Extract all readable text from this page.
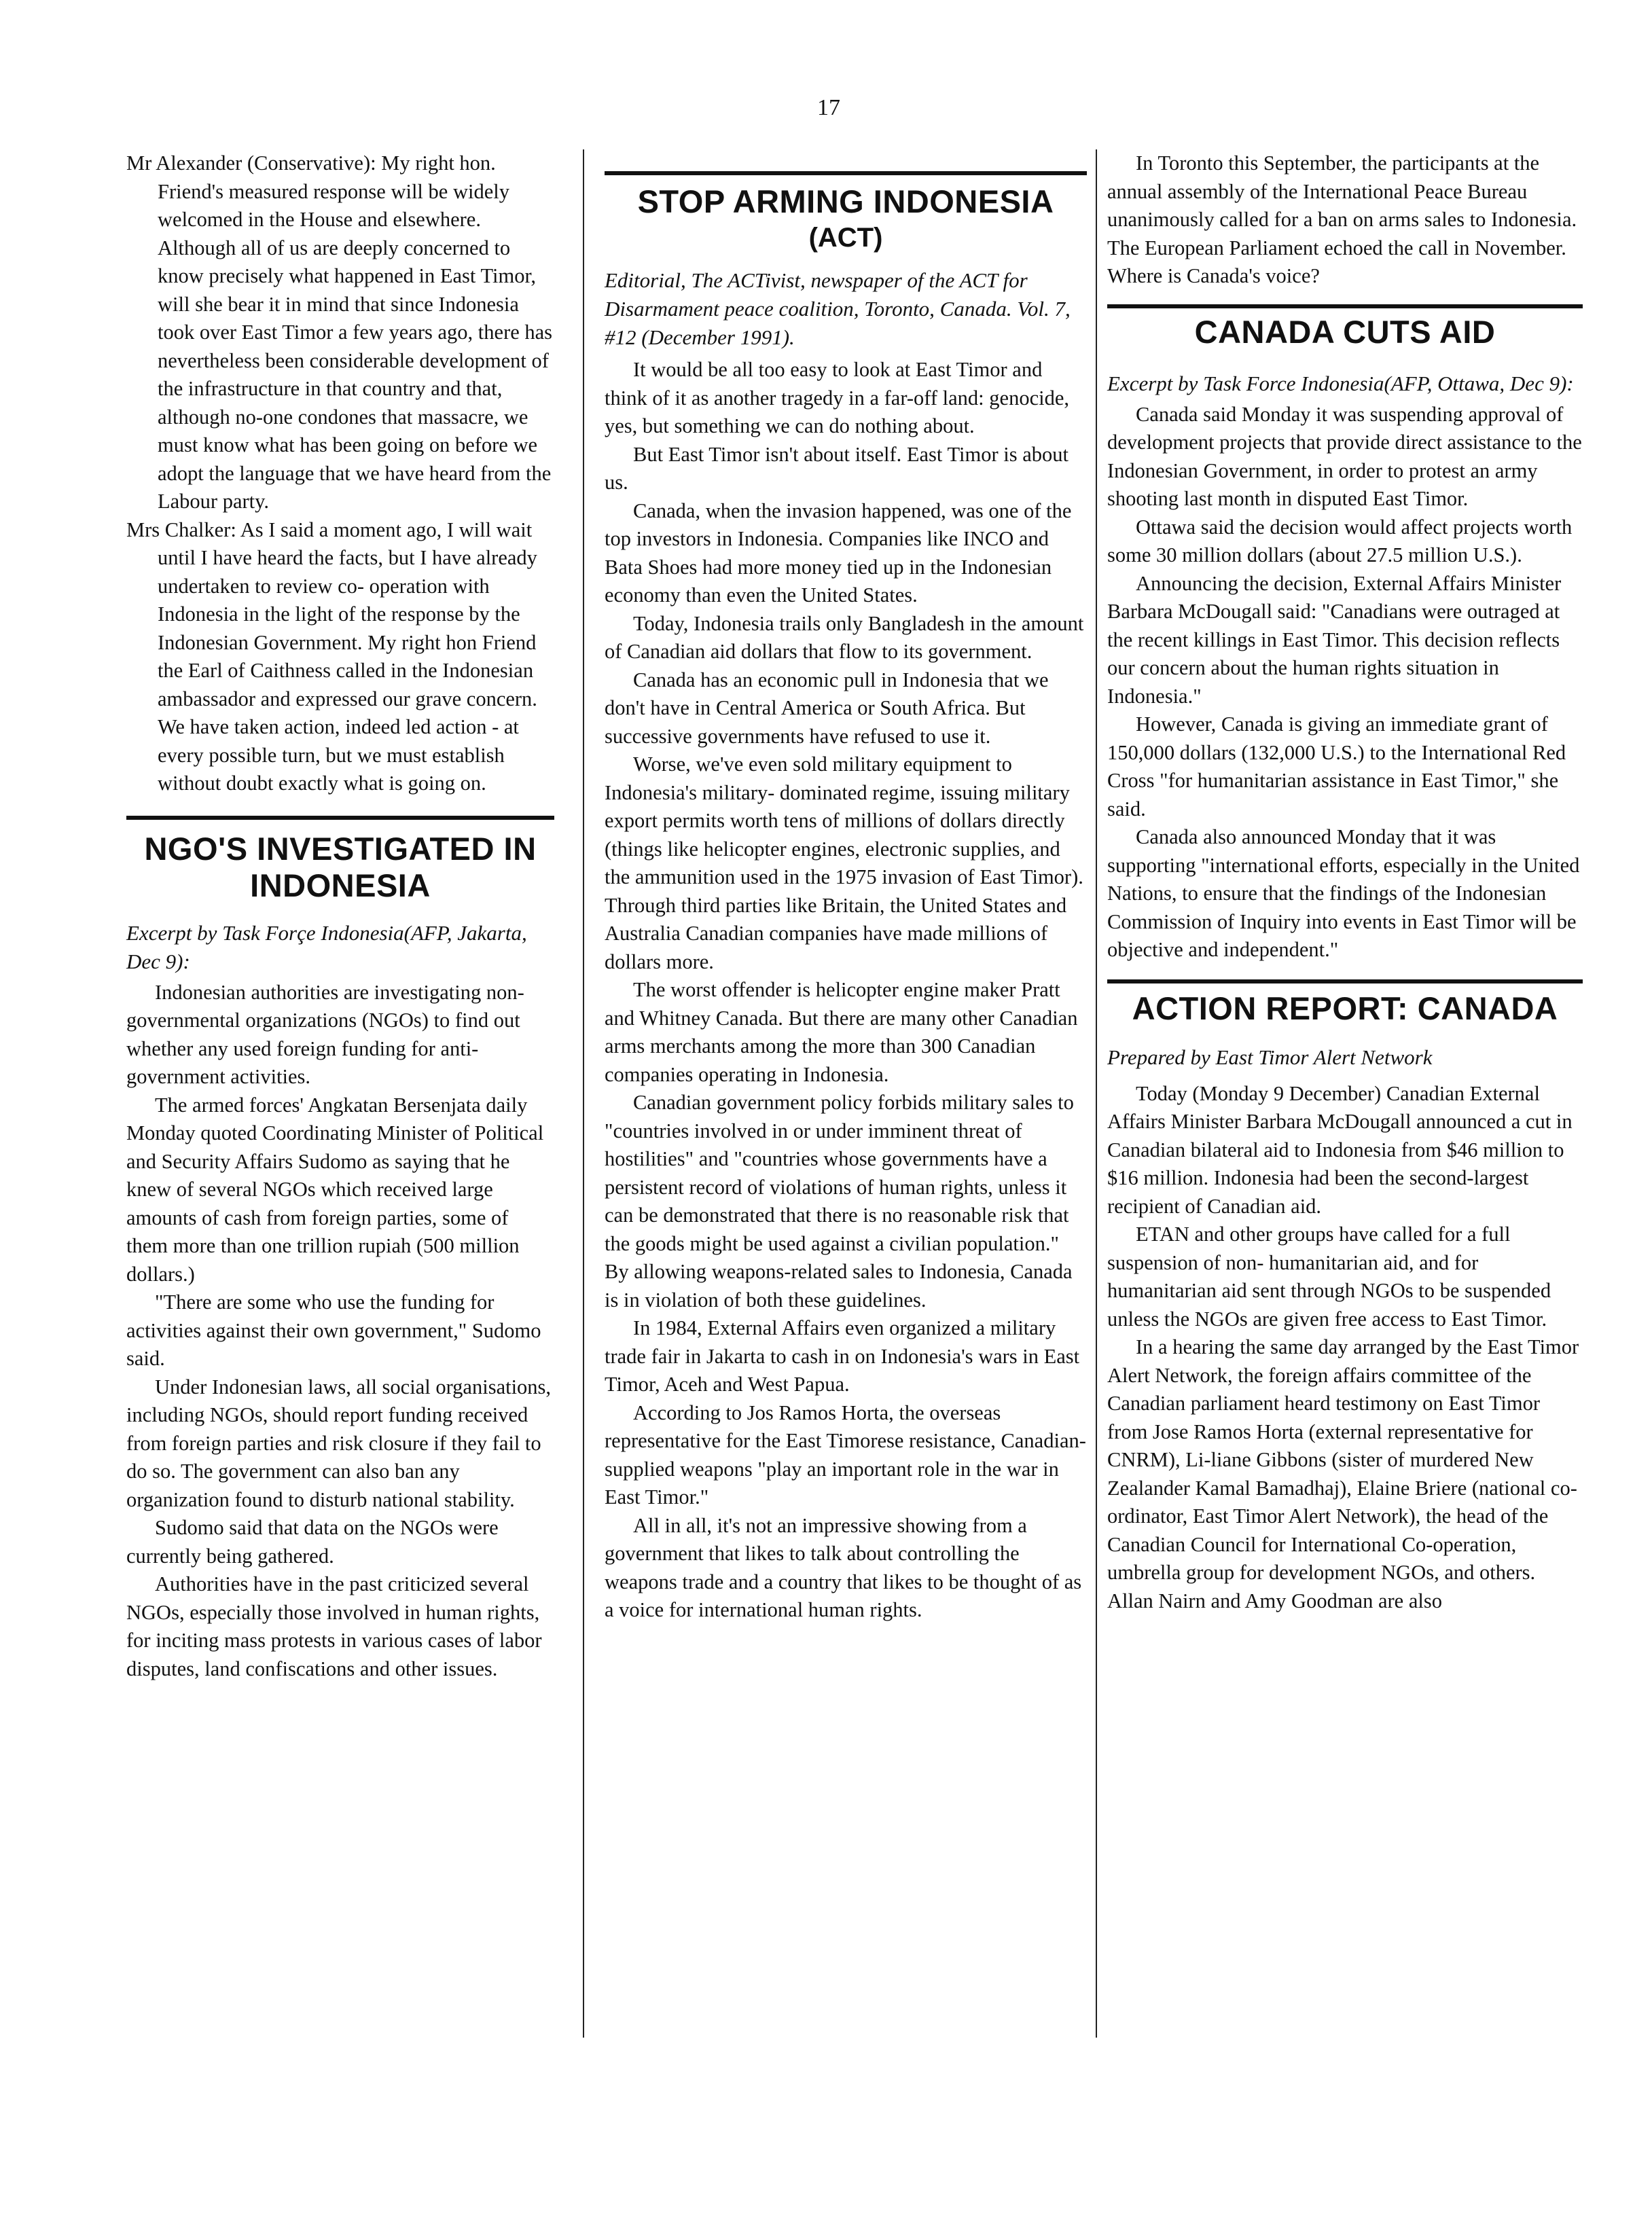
17

Mr Alexander (Conservative): My right hon. Friend's measured response will be widely welcomed in the House and elsewhere. Although all of us are deeply concerned to know precisely what happened in East Timor, will she bear it in mind that since Indonesia took over East Timor a few years ago, there has nevertheless been considerable development of the infrastructure in that country and that, although no-one condones that massacre, we must know what has been going on before we adopt the language that we have heard from the Labour party.

Mrs Chalker: As I said a moment ago, I will wait until I have heard the facts, but I have already undertaken to review co- operation with Indonesia in the light of the response by the Indonesian Government. My right hon Friend the Earl of Caithness called in the Indonesian ambassador and expressed our grave concern. We have taken action, indeed led action - at every possible turn, but we must establish without doubt exactly what is going on.

NGO'S INVESTIGATED IN INDONESIA

Excerpt by Task Forçe Indonesia(AFP, Jakarta, Dec 9):

Indonesian authorities are investigating non-governmental organizations (NGOs) to find out whether any used foreign funding for anti-government activities.

The armed forces' Angkatan Bersenjata daily Monday quoted Coordinating Minister of Political and Security Affairs Sudomo as saying that he knew of several NGOs which received large amounts of cash from foreign parties, some of them more than one trillion rupiah (500 million dollars.)

"There are some who use the funding for activities against their own government," Sudomo said.

Under Indonesian laws, all social organisations, including NGOs, should report funding received from foreign parties and risk closure if they fail to do so. The government can also ban any organization found to disturb national stability.

Sudomo said that data on the NGOs were currently being gathered.

Authorities have in the past criticized several NGOs, especially those involved in human rights, for inciting mass protests in various cases of labor disputes, land confiscations and other issues.

STOP ARMING INDONESIA
(ACT)

Editorial, The ACTivist, newspaper of the ACT for Disarmament peace coalition, Toronto, Canada. Vol. 7, #12 (December 1991).

It would be all too easy to look at East Timor and think of it as another tragedy in a far-off land: genocide, yes, but something we can do nothing about.

But East Timor isn't about itself. East Timor is about us.

Canada, when the invasion happened, was one of the top investors in Indonesia. Companies like INCO and Bata Shoes had more money tied up in the Indonesian economy than even the United States.

Today, Indonesia trails only Bangladesh in the amount of Canadian aid dollars that flow to its government.

Canada has an economic pull in Indonesia that we don't have in Central America or South Africa. But successive governments have refused to use it.

Worse, we've even sold military equipment to Indonesia's military- dominated regime, issuing military export permits worth tens of millions of dollars directly (things like helicopter engines, electronic supplies, and the ammunition used in the 1975 invasion of East Timor). Through third parties like Britain, the United States and Australia Canadian companies have made millions of dollars more.

The worst offender is helicopter engine maker Pratt and Whitney Canada. But there are many other Canadian arms merchants among the more than 300 Canadian companies operating in Indonesia.

Canadian government policy forbids military sales to "countries involved in or under imminent threat of hostilities" and "countries whose governments have a persistent record of violations of human rights, unless it can be demonstrated that there is no reasonable risk that the goods might be used against a civilian population." By allowing weapons-related sales to Indonesia, Canada is in violation of both these guidelines.

In 1984, External Affairs even organized a military trade fair in Jakarta to cash in on Indonesia's wars in East Timor, Aceh and West Papua.

According to Jos Ramos Horta, the overseas representative for the East Timorese resistance, Canadian-supplied weapons "play an important role in the war in East Timor."

All in all, it's not an impressive showing from a government that likes to talk about controlling the weapons trade and a country that likes to be thought of as a voice for international human rights.

In Toronto this September, the participants at the annual assembly of the International Peace Bureau unanimously called for a ban on arms sales to Indonesia. The European Parliament echoed the call in November. Where is Canada's voice?

CANADA CUTS AID

Excerpt by Task Force Indonesia(AFP, Ottawa, Dec 9):

Canada said Monday it was suspending approval of development projects that provide direct assistance to the Indonesian Government, in order to protest an army shooting last month in disputed East Timor.

Ottawa said the decision would affect projects worth some 30 million dollars (about 27.5 million U.S.).

Announcing the decision, External Affairs Minister Barbara McDougall said: "Canadians were outraged at the recent killings in East Timor. This decision reflects our concern about the human rights situation in Indonesia."

However, Canada is giving an immediate grant of 150,000 dollars (132,000 U.S.) to the International Red Cross "for humanitarian assistance in East Timor," she said.

Canada also announced Monday that it was supporting "international efforts, especially in the United Nations, to ensure that the findings of the Indonesian Commission of Inquiry into events in East Timor will be objective and independent."

ACTION REPORT: CANADA

Prepared by East Timor Alert Network

Today (Monday 9 December) Canadian External Affairs Minister Barbara McDougall announced a cut in Canadian bilateral aid to Indonesia from $46 million to $16 million. Indonesia had been the second-largest recipient of Canadian aid.

ETAN and other groups have called for a full suspension of non- humanitarian aid, and for humanitarian aid sent through NGOs to be suspended unless the NGOs are given free access to East Timor.

In a hearing the same day arranged by the East Timor Alert Network, the foreign affairs committee of the Canadian parliament heard testimony on East Timor from Jose Ramos Horta (external representative for CNRM), Li-liane Gibbons (sister of murdered New Zealander Kamal Bamadhaj), Elaine Briere (national co-ordinator, East Timor Alert Network), the head of the Canadian Council for International Co-operation, umbrella group for development NGOs, and others. Allan Nairn and Amy Goodman are also
